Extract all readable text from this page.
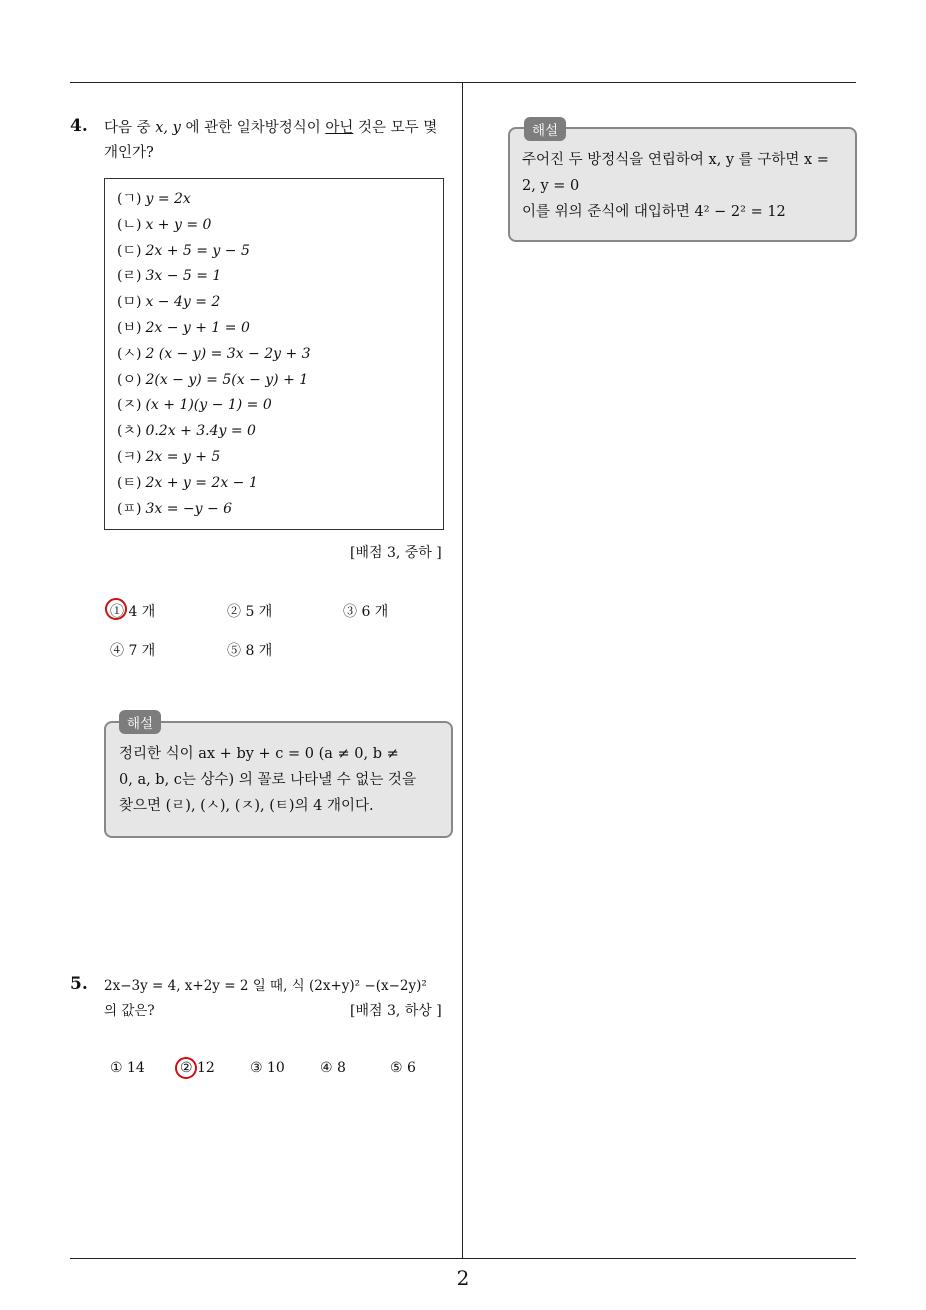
2
4. 다음 중 x, y 에 관한 일차방정식이 아닌 것은 모두 몇
개인가?
(ㄱ) y = 2x
(ㄴ) x + y = 0
(ㄷ) 2x + 5 = y − 5
(ㄹ) 3x − 5 = 1
(ㅁ) x − 4y = 2
(ㅂ) 2x − y + 1 = 0
(ㅅ) 2 (x − y) = 3x − 2y + 3
(ㅇ) 2(x − y) = 5(x − y) + 1
(ㅈ) (x + 1)(y − 1) = 0
(ㅊ) 0.2x + 3.4y = 0
(ㅋ) 2x = y + 5
(ㅌ) 2x + y = 2x − 1
(ㅍ) 3x = −y − 6
[배점 3, 중하 ]
① 4 개	② 5 개	③ 6 개
④ 7 개	⑤ 8 개
해설
정리한 식이 ax + by + c = 0 (a ≠ 0, b ≠
0, a, b, c는 상수) 의 꼴로 나타낼 수 없는 것을
찾으면 (ㄹ), (ㅅ), (ㅈ), (ㅌ)의 4 개이다.
5. 2x−3y = 4, x+2y = 2 일 때, 식 (2x+y)² −(x−2y)²
의 값은?	[배점 3, 하상 ]
① 14	② 12	③ 10	④ 8	⑤ 6
해설
주어진 두 방정식을 연립하여 x, y 를 구하면 x =
2, y = 0
이를 위의 준식에 대입하면 4² − 2² = 12
